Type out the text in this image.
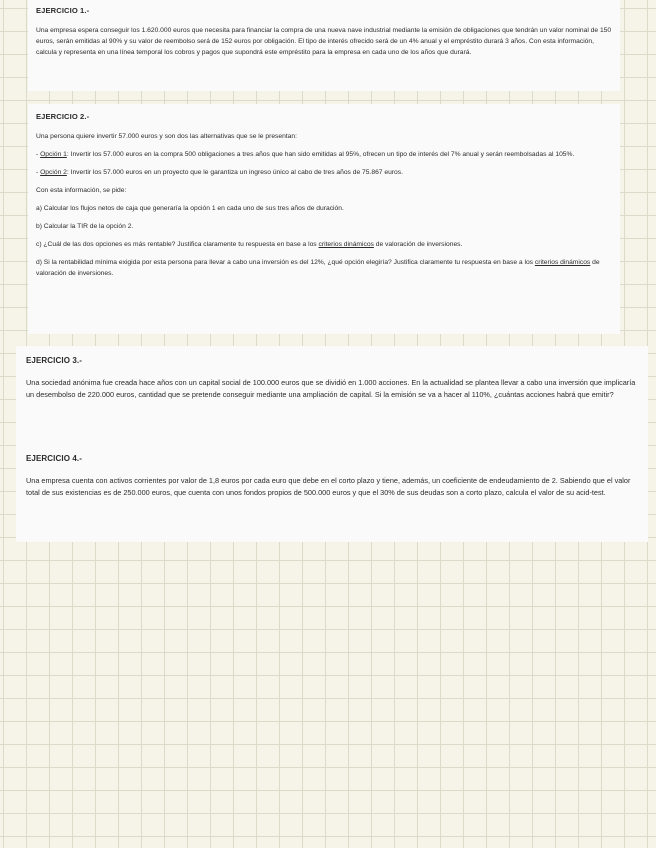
EJERCICIO 1.-

Una empresa espera conseguir los 1.620.000 euros que necesita para financiar la compra de una nueva nave industrial mediante la emisión de obligaciones que tendrán un valor nominal de 150 euros, serán emitidas al 90% y su valor de reembolso será de 152 euros por obligación. El tipo de interés ofrecido será de un 4% anual y el empréstito durará 3 años. Con esta información, calcula y representa en una línea temporal los cobros y pagos que supondrá este empréstito para la empresa en cada uno de los años que durará.

EJERCICIO 2.-

Una persona quiere invertir 57.000 euros y son dos las alternativas que se le presentan:

- Opción 1: Invertir los 57.000 euros en la compra 500 obligaciones a tres años que han sido emitidas al 95%, ofrecen un tipo de interés del 7% anual y serán reembolsadas al 105%.

- Opción 2: Invertir los 57.000 euros en un proyecto que le garantiza un ingreso único al cabo de tres años de 75.867 euros.

Con esta información, se pide:

a) Calcular los flujos netos de caja que generaría la opción 1 en cada uno de sus tres años de duración.

b) Calcular la TIR de la opción 2.

c) ¿Cuál de las dos opciones es más rentable? Justifica claramente tu respuesta en base a los criterios dinámicos de valoración de inversiones.

d) Si la rentabilidad mínima exigida por esta persona para llevar a cabo una inversión es del 12%, ¿qué opción elegiría? Justifica claramente tu respuesta en base a los criterios dinámicos de valoración de inversiones.

EJERCICIO 3.-

Una sociedad anónima fue creada hace años con un capital social de 100.000 euros que se dividió en 1.000 acciones. En la actualidad se plantea llevar a cabo una inversión que implicaría un desembolso de 220.000 euros, cantidad que se pretende conseguir mediante una ampliación de capital. Si la emisión se va a hacer al 110%, ¿cuántas acciones habrá que emitir?

EJERCICIO 4.-

Una empresa cuenta con activos corrientes por valor de 1,8 euros por cada euro que debe en el corto plazo y tiene, además, un coeficiente de endeudamiento de 2. Sabiendo que el valor total de sus existencias es de 250.000 euros, que cuenta con unos fondos propios de 500.000 euros y que el 30% de sus deudas son a corto plazo, calcula el valor de su acid-test.
